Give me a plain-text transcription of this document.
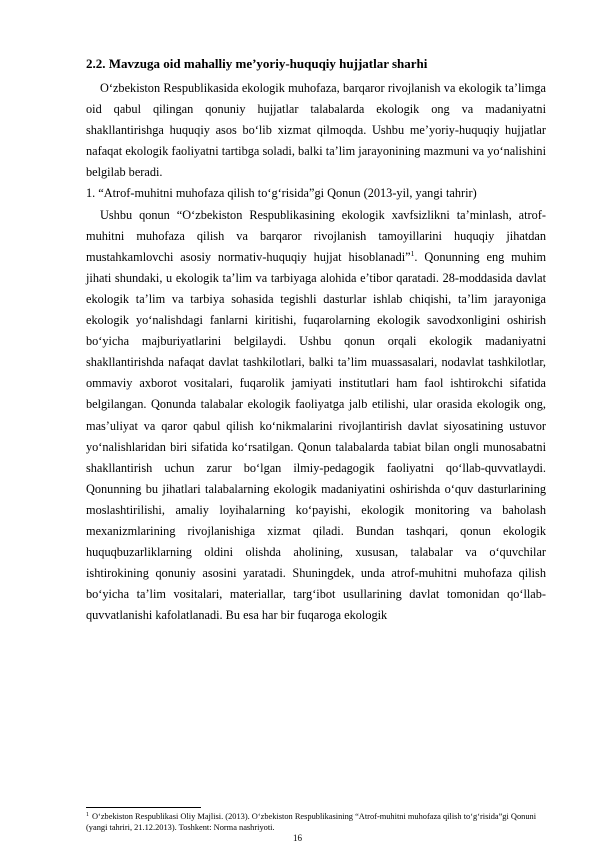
2.2. Mavzuga oid mahalliy me’yoriy-huquqiy hujjatlar sharhi

O‘zbekiston Respublikasida ekologik muhofaza, barqaror rivojlanish va ekologik ta’limga oid qabul qilingan qonuniy hujjatlar talabalarda ekologik ong va madaniyatni shakllantirishga huquqiy asos bo‘lib xizmat qilmoqda. Ushbu me’yoriy-huquqiy hujjatlar nafaqat ekologik faoliyatni tartibga soladi, balki ta’lim jarayonining mazmuni va yo‘nalishini belgilab beradi.

1. “Atrof-muhitni muhofaza qilish to‘g‘risida”gi Qonun (2013-yil, yangi tahrir)

Ushbu qonun “O‘zbekiston Respublikasining ekologik xavfsizlikni ta’minlash, atrof-muhitni muhofaza qilish va barqaror rivojlanish tamoyillarini huquqiy jihatdan mustahkamlovchi asosiy normativ-huquqiy hujjat hisoblanadi”$^1$. Qonunning eng muhim jihati shundaki, u ekologik ta’lim va tarbiyaga alohida e’tibor qaratadi. 28-moddasida davlat ekologik ta’lim va tarbiya sohasida tegishli dasturlar ishlab chiqishi, ta’lim jarayoniga ekologik yo‘nalishdagi fanlarni kiritishi, fuqarolarning ekologik savodxonligini oshirish bo‘yicha majburiyatlarini belgilaydi. Ushbu qonun orqali ekologik madaniyatni shakllantirishda nafaqat davlat tashkilotlari, balki ta’lim muassasalari, nodavlat tashkilotlar, ommaviy axborot vositalari, fuqarolik jamiyati institutlari ham faol ishtirokchi sifatida belgilangan. Qonunda talabalar ekologik faoliyatga jalb etilishi, ular orasida ekologik ong, mas’uliyat va qaror qabul qilish ko‘nikmalarini rivojlantirish davlat siyosatining ustuvor yo‘nalishlaridan biri sifatida ko‘rsatilgan. Qonun talabalarda tabiat bilan ongli munosabatni shakllantirish uchun zarur bo‘lgan ilmiy-pedagogik faoliyatni qo‘llab-quvvatlaydi. Qonunning bu jihatlari talabalarning ekologik madaniyatini oshirishda o‘quv dasturlarining moslashtirilishi, amaliy loyihalarning ko‘payishi, ekologik monitoring va baholash mexanizmlarining rivojlanishiga xizmat qiladi. Bundan tashqari, qonun ekologik huquqbuzarliklarning oldini olishda aholining, xususan, talabalar va o‘quvchilar ishtirokining qonuniy asosini yaratadi. Shuningdek, unda atrof-muhitni muhofaza qilish bo‘yicha ta’lim vositalari, materiallar, targ‘ibot usullarining davlat tomonidan qo‘llab-quvvatlanishi kafolatlanadi. Bu esa har bir fuqaroga ekologik

$^1$ O‘zbekiston Respublikasi Oliy Majlisi. (2013). O‘zbekiston Respublikasining “Atrof-muhitni muhofaza qilish to‘g‘risida”gi Qonuni (yangi tahriri, 21.12.2013). Toshkent: Norma nashriyoti.
16
